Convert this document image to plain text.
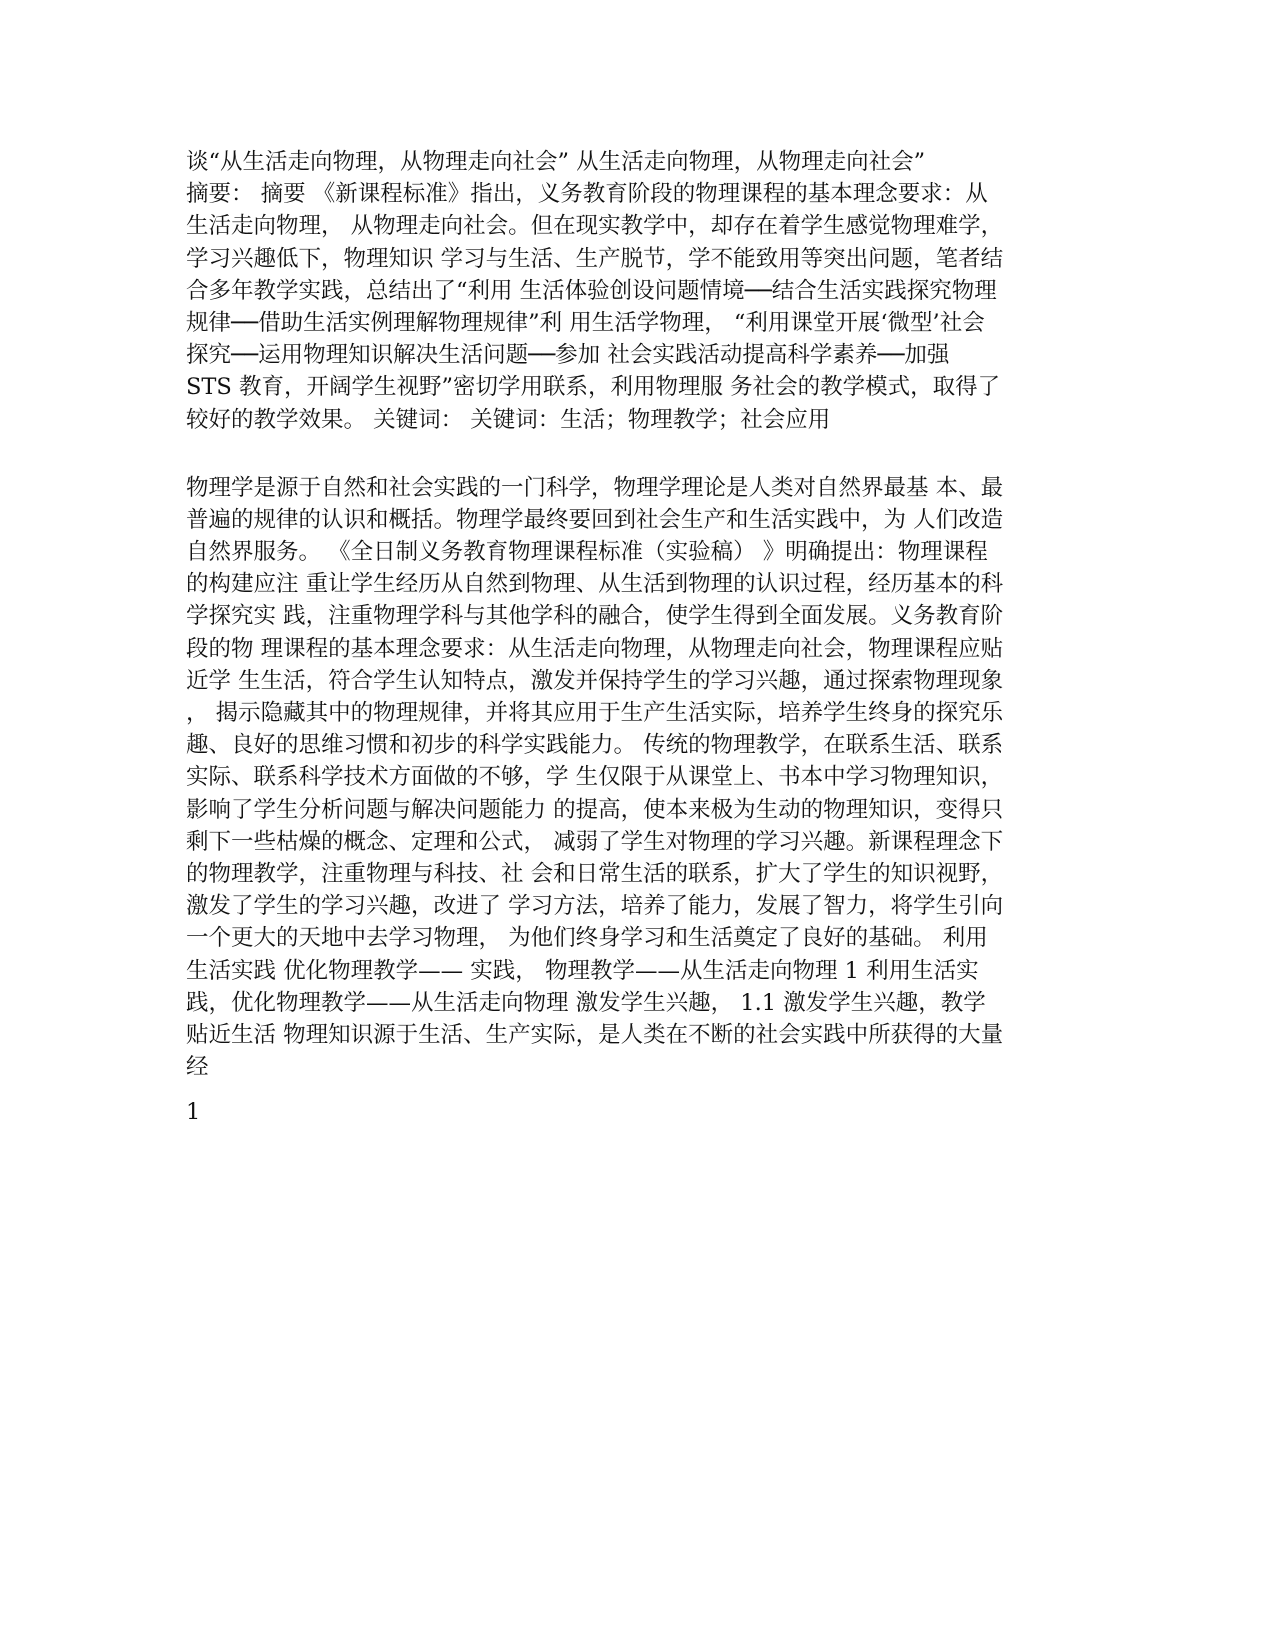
谈“从生活走向物理，从物理走向社会” 从生活走向物理，从物理走向社会”

摘要： 摘要 《新课程标准》指出，义务教育阶段的物理课程的基本理念要求：从
生活走向物理， 从物理走向社会。但在现实教学中，却存在着学生感觉物理难学，
学习兴趣低下，物理知识 学习与生活、生产脱节，学不能致用等突出问题，笔者结
合多年教学实践，总结出了“利用 生活体验创设问题情境──结合生活实践探究物理
规律──借助生活实例理解物理规律”利 用生活学物理， “利用课堂开展‘微型’社会
探究──运用物理知识解决生活问题──参加 社会实践活动提高科学素养──加强
STS 教育，开阔学生视野”密切学用联系，利用物理服 务社会的教学模式，取得了
较好的教学效果。 关键词： 关键词：生活；物理教学；社会应用

物理学是源于自然和社会实践的一门科学，物理学理论是人类对自然界最基 本、最
普遍的规律的认识和概括。物理学最终要回到社会生产和生活实践中，为 人们改造
自然界服务。 《全日制义务教育物理课程标准（实验稿） 》明确提出：物理课程
的构建应注 重让学生经历从自然到物理、从生活到物理的认识过程，经历基本的科
学探究实 践，注重物理学科与其他学科的融合，使学生得到全面发展。义务教育阶
段的物 理课程的基本理念要求：从生活走向物理，从物理走向社会，物理课程应贴
近学 生生活，符合学生认知特点，激发并保持学生的学习兴趣，通过探索物理现象
， 揭示隐藏其中的物理规律，并将其应用于生产生活实际，培养学生终身的探究乐
趣、良好的思维习惯和初步的科学实践能力。 传统的物理教学，在联系生活、联系
实际、联系科学技术方面做的不够，学 生仅限于从课堂上、书本中学习物理知识，
影响了学生分析问题与解决问题能力 的提高，使本来极为生动的物理知识，变得只
剩下一些枯燥的概念、定理和公式， 减弱了学生对物理的学习兴趣。新课程理念下
的物理教学，注重物理与科技、社 会和日常生活的联系，扩大了学生的知识视野，
激发了学生的学习兴趣，改进了 学习方法，培养了能力，发展了智力，将学生引向
一个更大的天地中去学习物理， 为他们终身学习和生活奠定了良好的基础。 利用
生活实践 优化物理教学—— 实践， 物理教学——从生活走向物理 1 利用生活实
践，优化物理教学——从生活走向物理 激发学生兴趣， 1.1 激发学生兴趣，教学
贴近生活 物理知识源于生活、生产实际，是人类在不断的社会实践中所获得的大量
经

1
